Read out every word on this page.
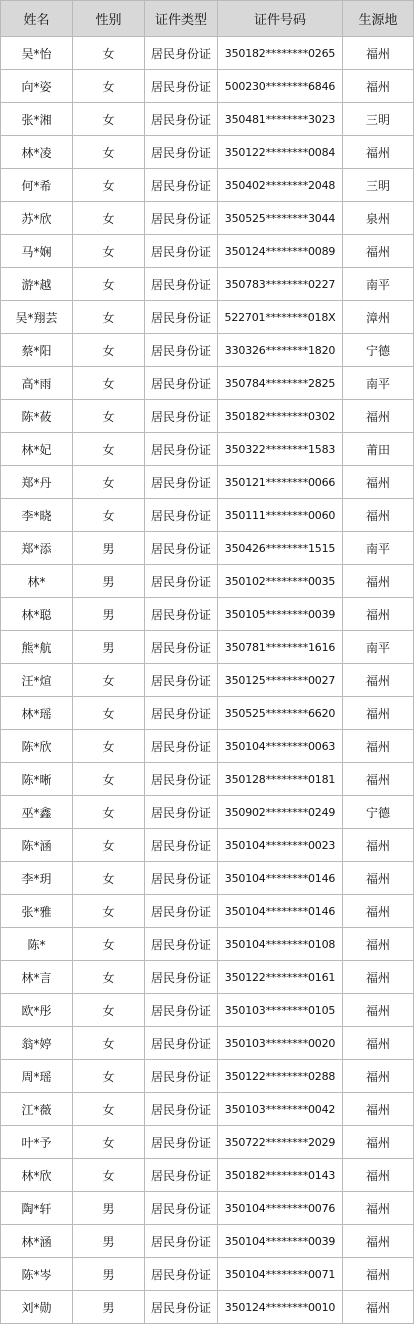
姓名	性别	证件类型	证件号码	生源地
吴*怡	女	居民身份证	350182********0265	福州
向*姿	女	居民身份证	500230********6846	福州
张*湘	女	居民身份证	350481********3023	三明
林*凌	女	居民身份证	350122********0084	福州
何*希	女	居民身份证	350402********2048	三明
苏*欣	女	居民身份证	350525********3044	泉州
马*娴	女	居民身份证	350124********0089	福州
游*越	女	居民身份证	350783********0227	南平
吴*翔芸	女	居民身份证	522701********018X	漳州
蔡*阳	女	居民身份证	330326********1820	宁德
高*雨	女	居民身份证	350784********2825	南平
陈*莜	女	居民身份证	350182********0302	福州
林*妃	女	居民身份证	350322********1583	莆田
郑*丹	女	居民身份证	350121********0066	福州
李*晓	女	居民身份证	350111********0060	福州
郑*添	男	居民身份证	350426********1515	南平
林*	男	居民身份证	350102********0035	福州
林*聪	男	居民身份证	350105********0039	福州
熊*航	男	居民身份证	350781********1616	南平
汪*煊	女	居民身份证	350125********0027	福州
林*瑶	女	居民身份证	350525********6620	福州
陈*欣	女	居民身份证	350104********0063	福州
陈*晰	女	居民身份证	350128********0181	福州
巫*鑫	女	居民身份证	350902********0249	宁德
陈*涵	女	居民身份证	350104********0023	福州
李*玥	女	居民身份证	350104********0146	福州
张*雅	女	居民身份证	350104********0146	福州
陈*	女	居民身份证	350104********0108	福州
林*言	女	居民身份证	350122********0161	福州
欧*彤	女	居民身份证	350103********0105	福州
翁*婷	女	居民身份证	350103********0020	福州
周*瑶	女	居民身份证	350122********0288	福州
江*薇	女	居民身份证	350103********0042	福州
叶*予	女	居民身份证	350722********2029	福州
林*欣	女	居民身份证	350182********0143	福州
陶*轩	男	居民身份证	350104********0076	福州
林*涵	男	居民身份证	350104********0039	福州
陈*岑	男	居民身份证	350104********0071	福州
刘*勋	男	居民身份证	350124********0010	福州
